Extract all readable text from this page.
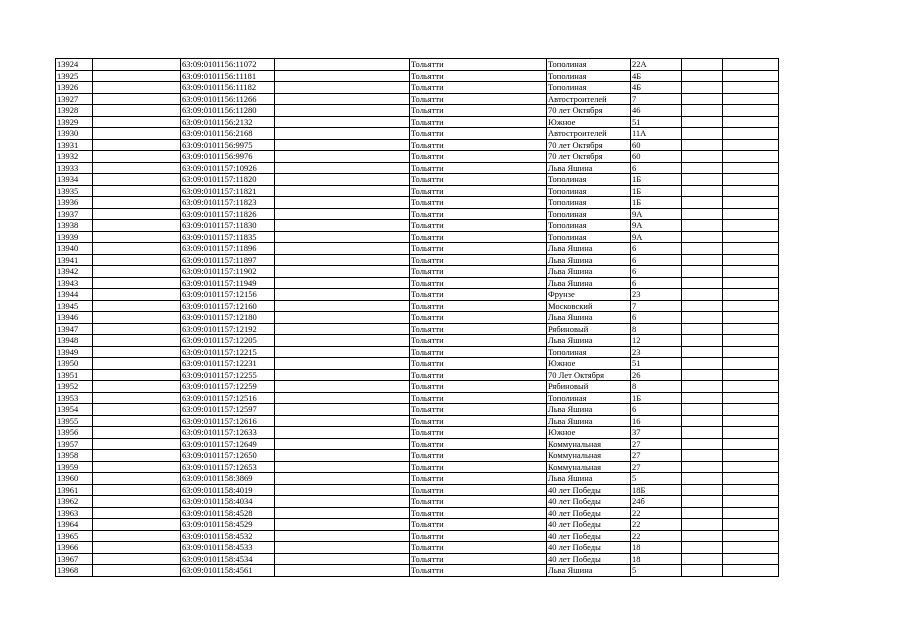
13924		63:09:0101156:11072		Тольятти	Тополиная	22А		
13925		63:09:0101156:11181		Тольятти	Тополиная	4Б		
13926		63:09:0101156:11182		Тольятти	Тополиная	4Б		
13927		63:09:0101156:11266		Тольятти	Автостроителей	7		
13928		63:09:0101156:11280		Тольятти	70 лет Октября	46		
13929		63:09:0101156:2132		Тольятти	Южное	51		
13930		63:09:0101156:2168		Тольятти	Автостроителей	11А		
13931		63:09:0101156:9975		Тольятти	70 лет Октября	60		
13932		63:09:0101156:9976		Тольятти	70 лет Октября	60		
13933		63:09:0101157:10926		Тольятти	Льва Яшина	6		
13934		63:09:0101157:11820		Тольятти	Тополиная	1Б		
13935		63:09:0101157:11821		Тольятти	Тополиная	1Б		
13936		63:09:0101157:11823		Тольятти	Тополиная	1Б		
13937		63:09:0101157:11826		Тольятти	Тополиная	9А		
13938		63:09:0101157:11830		Тольятти	Тополиная	9А		
13939		63:09:0101157:11835		Тольятти	Тополиная	9А		
13940		63:09:0101157:11896		Тольятти	Льва Яшина	6		
13941		63:09:0101157:11897		Тольятти	Льва Яшина	6		
13942		63:09:0101157:11902		Тольятти	Льва Яшина	6		
13943		63:09:0101157:11949		Тольятти	Льва Яшина	6		
13944		63:09:0101157:12156		Тольятти	Фрунзе	23		
13945		63:09:0101157:12160		Тольятти	Московский	7		
13946		63:09:0101157:12180		Тольятти	Льва Яшина	6		
13947		63:09:0101157:12192		Тольятти	Рябиновый	8		
13948		63:09:0101157:12205		Тольятти	Льва Яшина	12		
13949		63:09:0101157:12215		Тольятти	Тополиная	23		
13950		63:09:0101157:12231		Тольятти	Южное	51		
13951		63:09:0101157:12255		Тольятти	70 Лет Октября	26		
13952		63:09:0101157:12259		Тольятти	Рябиновый	8		
13953		63:09:0101157:12516		Тольятти	Тополиная	1Б		
13954		63:09:0101157:12597		Тольятти	Льва Яшина	6		
13955		63:09:0101157:12616		Тольятти	Льва Яшина	16		
13956		63:09:0101157:12633		Тольятти	Южное	37		
13957		63:09:0101157:12649		Тольятти	Коммунальная	27		
13958		63:09:0101157:12650		Тольятти	Коммунальная	27		
13959		63:09:0101157:12653		Тольятти	Коммунальная	27		
13960		63:09:0101158:3869		Тольятти	Льва Яшина	5		
13961		63:09:0101158:4019		Тольятти	40 лет Победы	18Б		
13962		63:09:0101158:4034		Тольятти	40 лет Победы	24б		
13963		63:09:0101158:4528		Тольятти	40 лет Победы	22		
13964		63:09:0101158:4529		Тольятти	40 лет Победы	22		
13965		63:09:0101158:4532		Тольятти	40 лет Победы	22		
13966		63:09:0101158:4533		Тольятти	40 лет Победы	18		
13967		63:09:0101158:4534		Тольятти	40 лет Победы	18		
13968		63:09:0101158:4561		Тольятти	Льва Яшина	5		
